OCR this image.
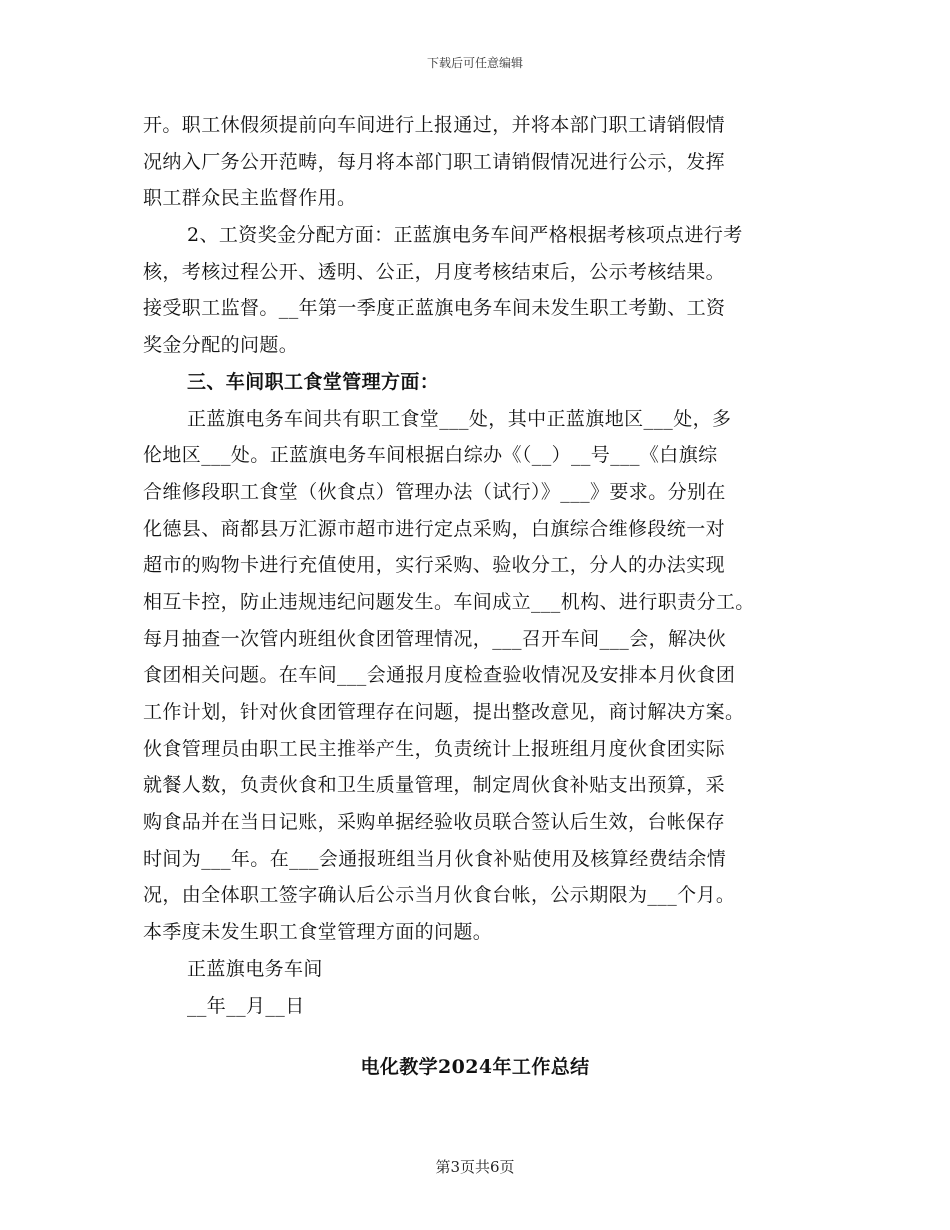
下载后可任意编辑
开。职工休假须提前向车间进行上报通过，并将本部门职工请销假情
况纳入厂务公开范畴，每月将本部门职工请销假情况进行公示，发挥
职工群众民主监督作用。
2、工资奖金分配方面：正蓝旗电务车间严格根据考核项点进行考
核，考核过程公开、透明、公正，月度考核结束后，公示考核结果。
接受职工监督。__年第一季度正蓝旗电务车间未发生职工考勤、工资
奖金分配的问题。
三、车间职工食堂管理方面：
正蓝旗电务车间共有职工食堂___处，其中正蓝旗地区___处，多
伦地区___处。正蓝旗电务车间根据白综办《（__）__号___《白旗综
合维修段职工食堂（伙食点）管理办法（试行）》___》要求。分别在
化德县、商都县万汇源市超市进行定点采购，白旗综合维修段统一对
超市的购物卡进行充值使用，实行采购、验收分工，分人的办法实现
相互卡控，防止违规违纪问题发生。车间成立___机构、进行职责分工。
每月抽查一次管内班组伙食团管理情况，___召开车间___会，解决伙
食团相关问题。在车间___会通报月度检查验收情况及安排本月伙食团
工作计划，针对伙食团管理存在问题，提出整改意见，商讨解决方案。
伙食管理员由职工民主推举产生，负责统计上报班组月度伙食团实际
就餐人数，负责伙食和卫生质量管理，制定周伙食补贴支出预算，采
购食品并在当日记账，采购单据经验收员联合签认后生效，台帐保存
时间为___年。在___会通报班组当月伙食补贴使用及核算经费结余情
况，由全体职工签字确认后公示当月伙食台帐，公示期限为___个月。
本季度未发生职工食堂管理方面的问题。
正蓝旗电务车间
__年__月__日
电化教学2024年工作总结
第3页共6页
